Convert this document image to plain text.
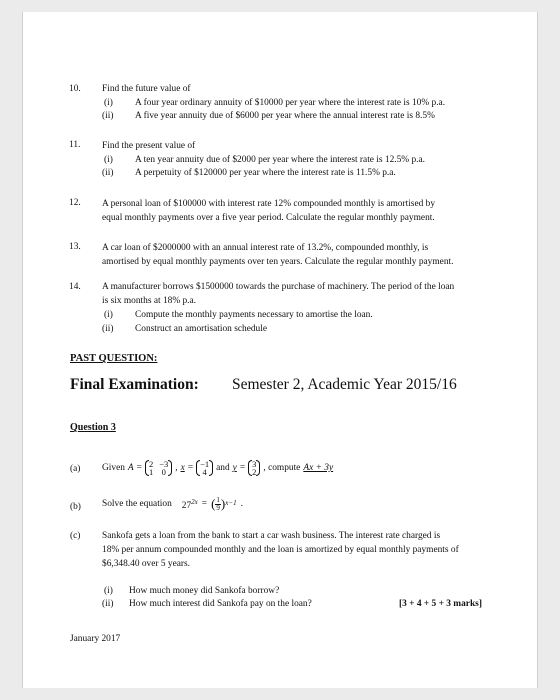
10. Find the future value of
(i) A four year ordinary annuity of $10000 per year where the interest rate is 10% p.a.
(ii) A five year annuity due of $6000 per year where the annual interest rate is 8.5%
11. Find the present value of
(i) A ten year annuity due of $2000 per year where the interest rate is 12.5% p.a.
(ii) A perpetuity of $120000 per year where the interest rate is 11.5% p.a.
12. A personal loan of $100000 with interest rate 12% compounded monthly is amortised by
equal monthly payments over a five year period. Calculate the regular monthly payment.
13. A car loan of $2000000 with an annual interest rate of 13.2%, compounded monthly, is
amortised by equal monthly payments over ten years. Calculate the regular monthly payment.
14. A manufacturer borrows $1500000 towards the purchase of machinery. The period of the loan
is six months at 18% p.a.
(i) Compute the monthly payments necessary to amortise the loan.
(ii) Construct an amortisation schedule
PAST QUESTION:
Final Examination: Semester 2, Academic Year 2015/16
Question 3
(a) Given A = 2
1
−3
0 , x = −1
4 and y = 3
2 , compute Ax + 3y
(b) Solve the equation $27^{2x}$ = ( $\frac{1}{9}$ ) x−1 .
(c) Sankofa gets a loan from the bank to start a car wash business. The interest rate charged is
18% per annum compounded monthly and the loan is amortized by equal monthly payments of
$6,348.40 over 5 years.
(i) How much money did Sankofa borrow?
(ii) How much interest did Sankofa pay on the loan?	[3 + 4 + 5 + 3 marks]
January 2017
